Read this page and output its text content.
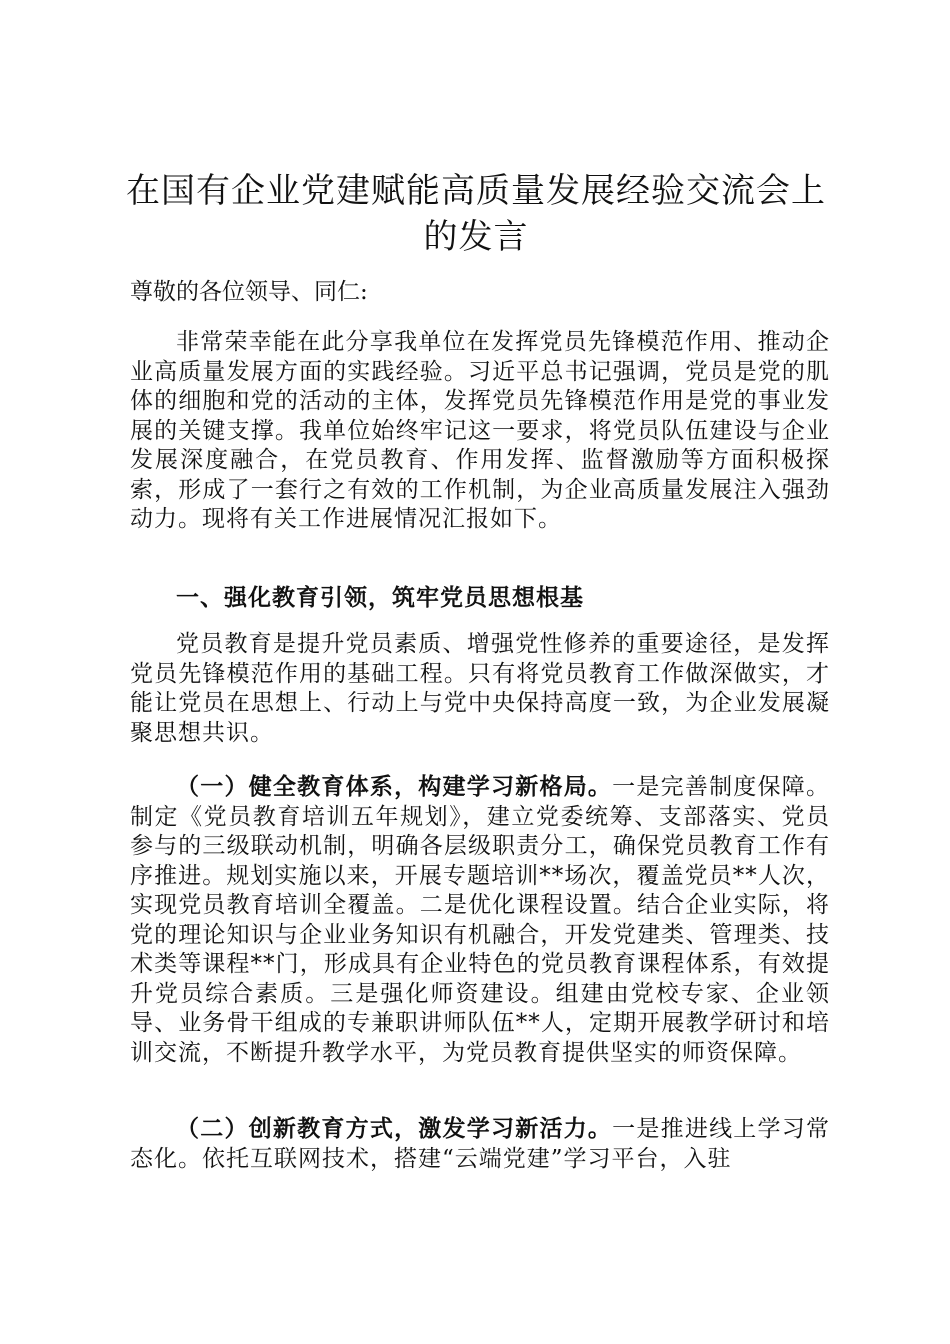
在国有企业党建赋能高质量发展经验交流会上的发言
尊敬的各位领导、同仁:

非常荣幸能在此分享我单位在发挥党员先锋模范作用、推动企业高质量发展方面的实践经验。习近平总书记强调，党员是党的肌体的细胞和党的活动的主体，发挥党员先锋模范作用是党的事业发展的关键支撑。我单位始终牢记这一要求，将党员队伍建设与企业发展深度融合，在党员教育、作用发挥、监督激励等方面积极探索，形成了一套行之有效的工作机制，为企业高质量发展注入强劲动力。现将有关工作进展情况汇报如下。

一、强化教育引领，筑牢党员思想根基

党员教育是提升党员素质、增强党性修养的重要途径，是发挥党员先锋模范作用的基础工程。只有将党员教育工作做深做实，才能让党员在思想上、行动上与党中央保持高度一致，为企业发展凝聚思想共识。

（一）健全教育体系，构建学习新格局。一是完善制度保障。制定《党员教育培训五年规划》，建立党委统筹、支部落实、党员参与的三级联动机制，明确各层级职责分工，确保党员教育工作有序推进。规划实施以来，开展专题培训**场次，覆盖党员**人次，实现党员教育培训全覆盖。二是优化课程设置。结合企业实际，将党的理论知识与企业业务知识有机融合，开发党建类、管理类、技术类等课程**门，形成具有企业特色的党员教育课程体系，有效提升党员综合素质。三是强化师资建设。组建由党校专家、企业领导、业务骨干组成的专兼职讲师队伍**人，定期开展教学研讨和培训交流，不断提升教学水平，为党员教育提供坚实的师资保障。

（二）创新教育方式，激发学习新活力。一是推进线上学习常态化。依托互联网技术，搭建“云端党建”学习平台，入驻
